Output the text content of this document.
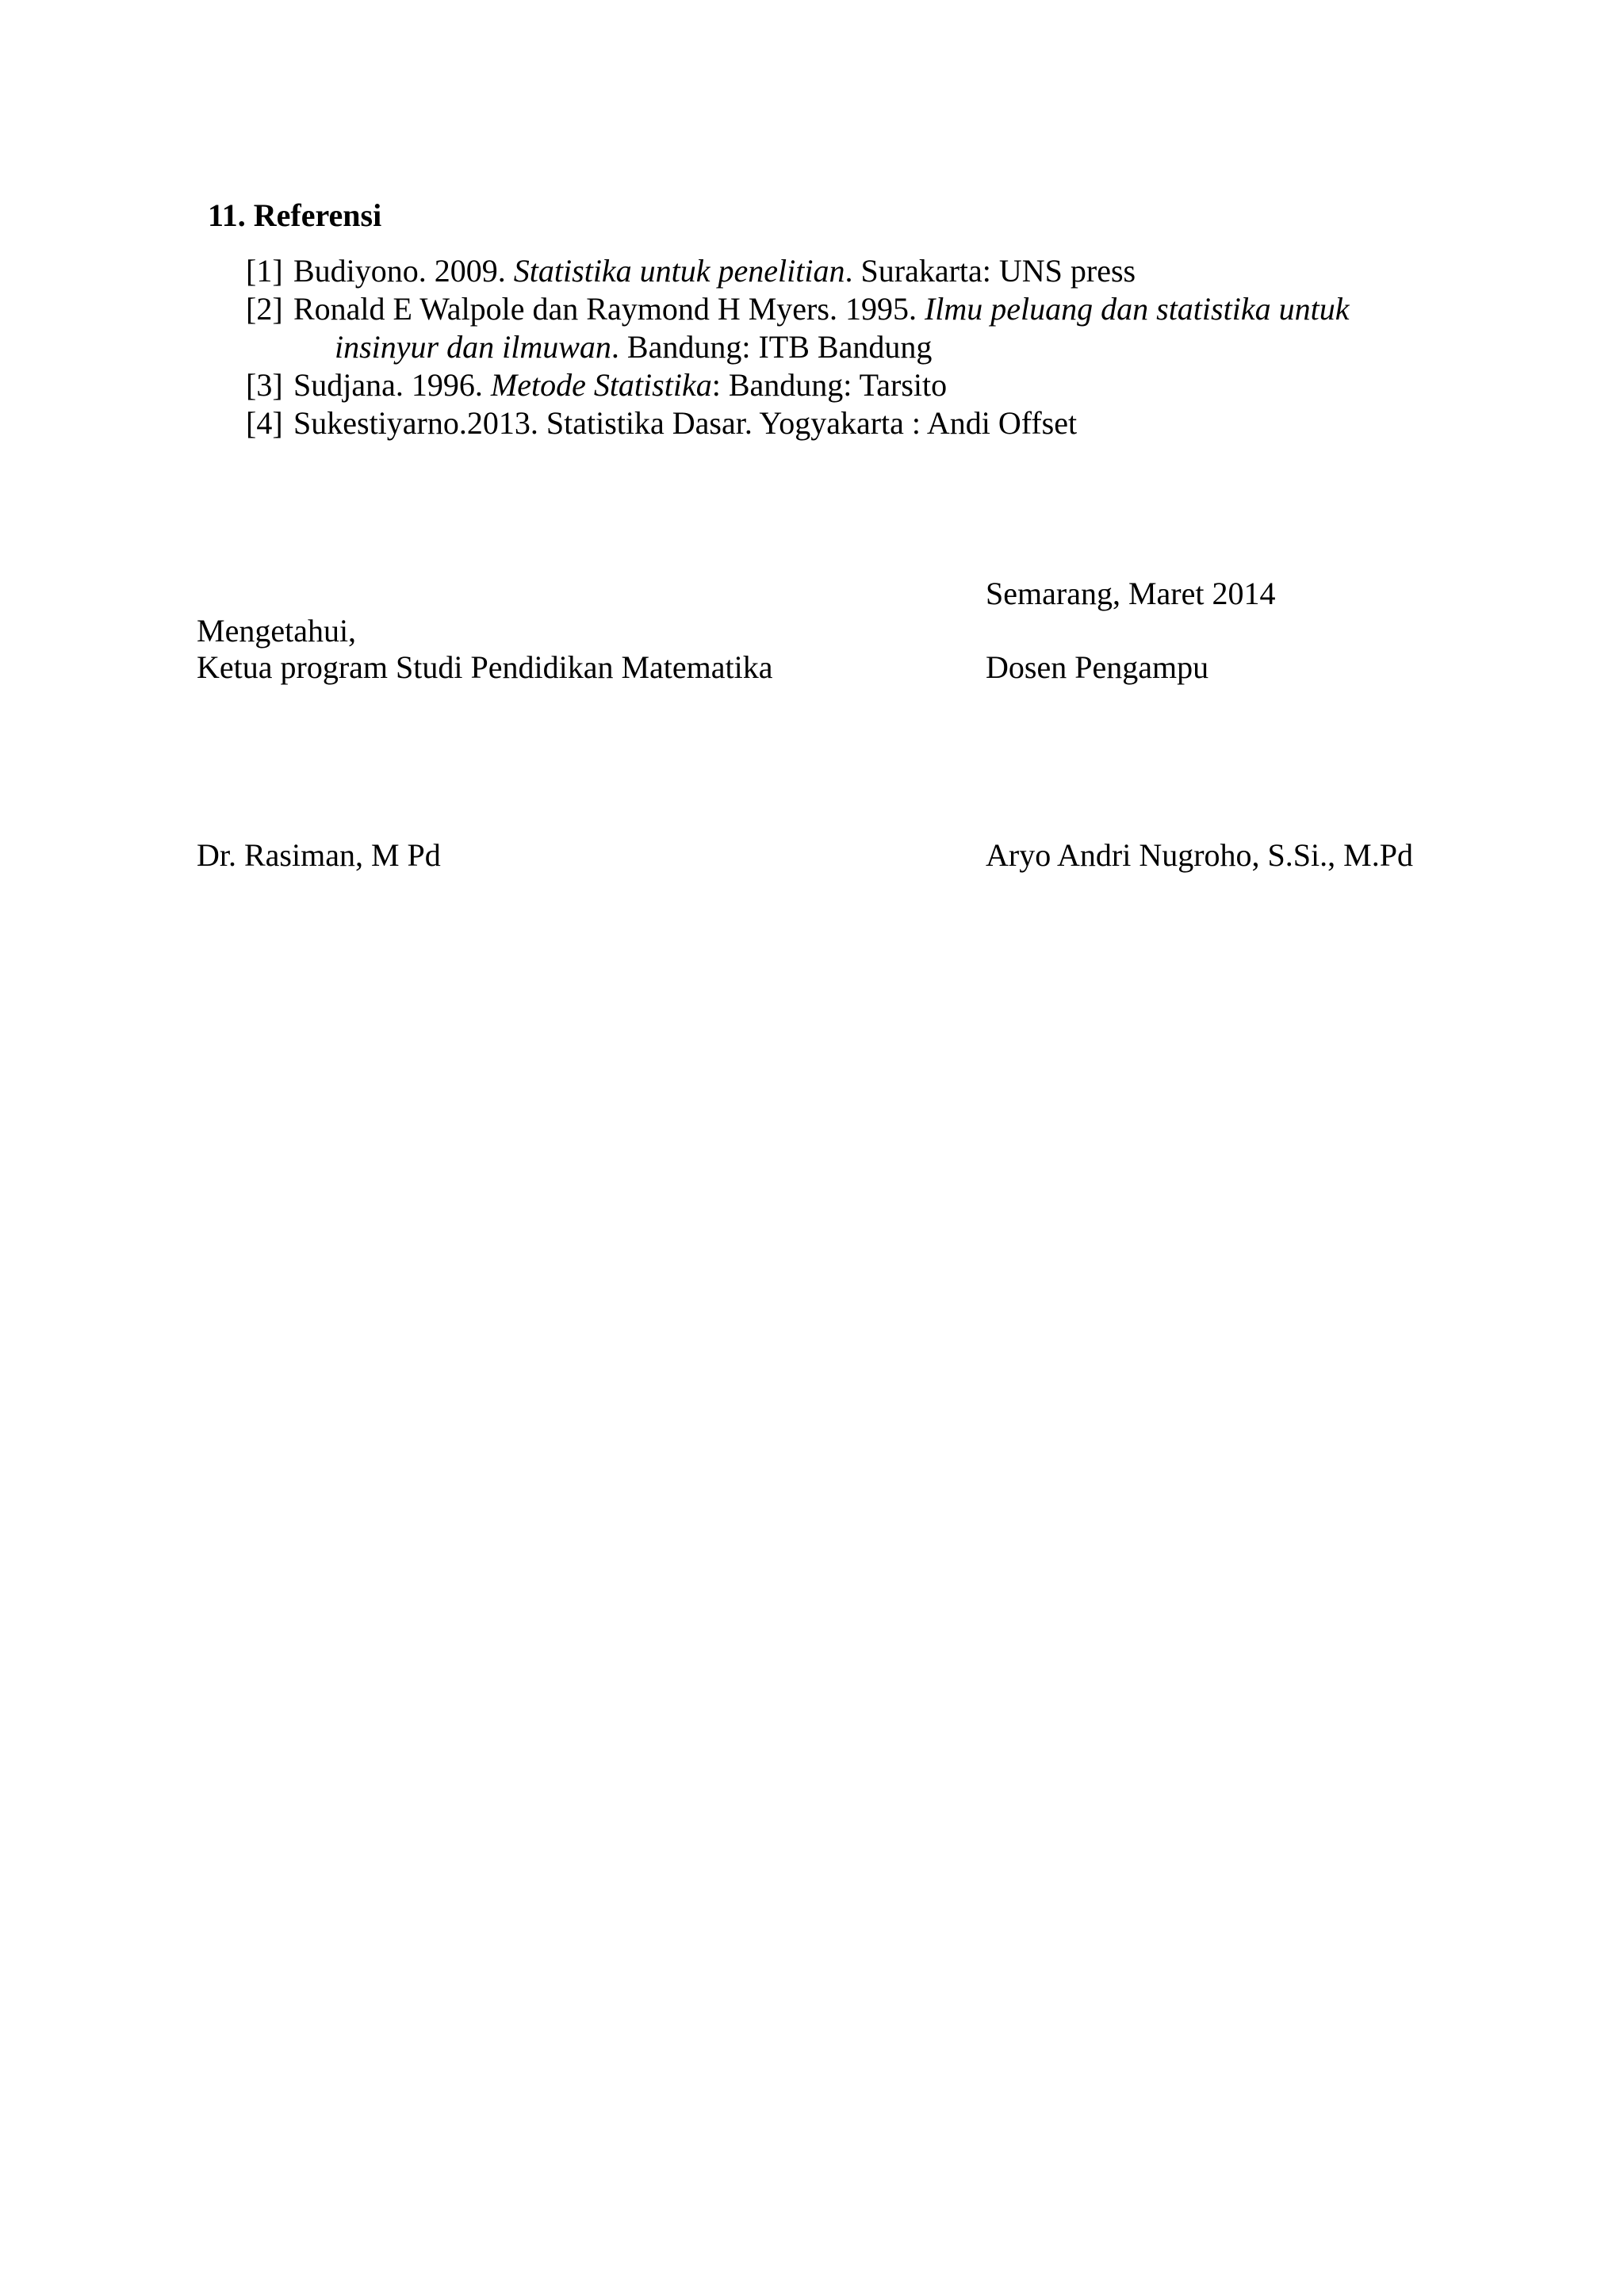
11. Referensi
[1] Budiyono. 2009. Statistika untuk penelitian. Surakarta: UNS press
[2] Ronald E Walpole dan Raymond H Myers. 1995. Ilmu peluang dan statistika untuk
insinyur dan ilmuwan. Bandung: ITB Bandung
[3] Sudjana. 1996. Metode Statistika: Bandung: Tarsito
[4] Sukestiyarno.2013. Statistika Dasar. Yogyakarta : Andi Offset
Semarang, Maret 2014
Mengetahui,
Ketua program Studi Pendidikan Matematika	Dosen Pengampu
Dr. Rasiman, M Pd	Aryo Andri Nugroho, S.Si., M.Pd
